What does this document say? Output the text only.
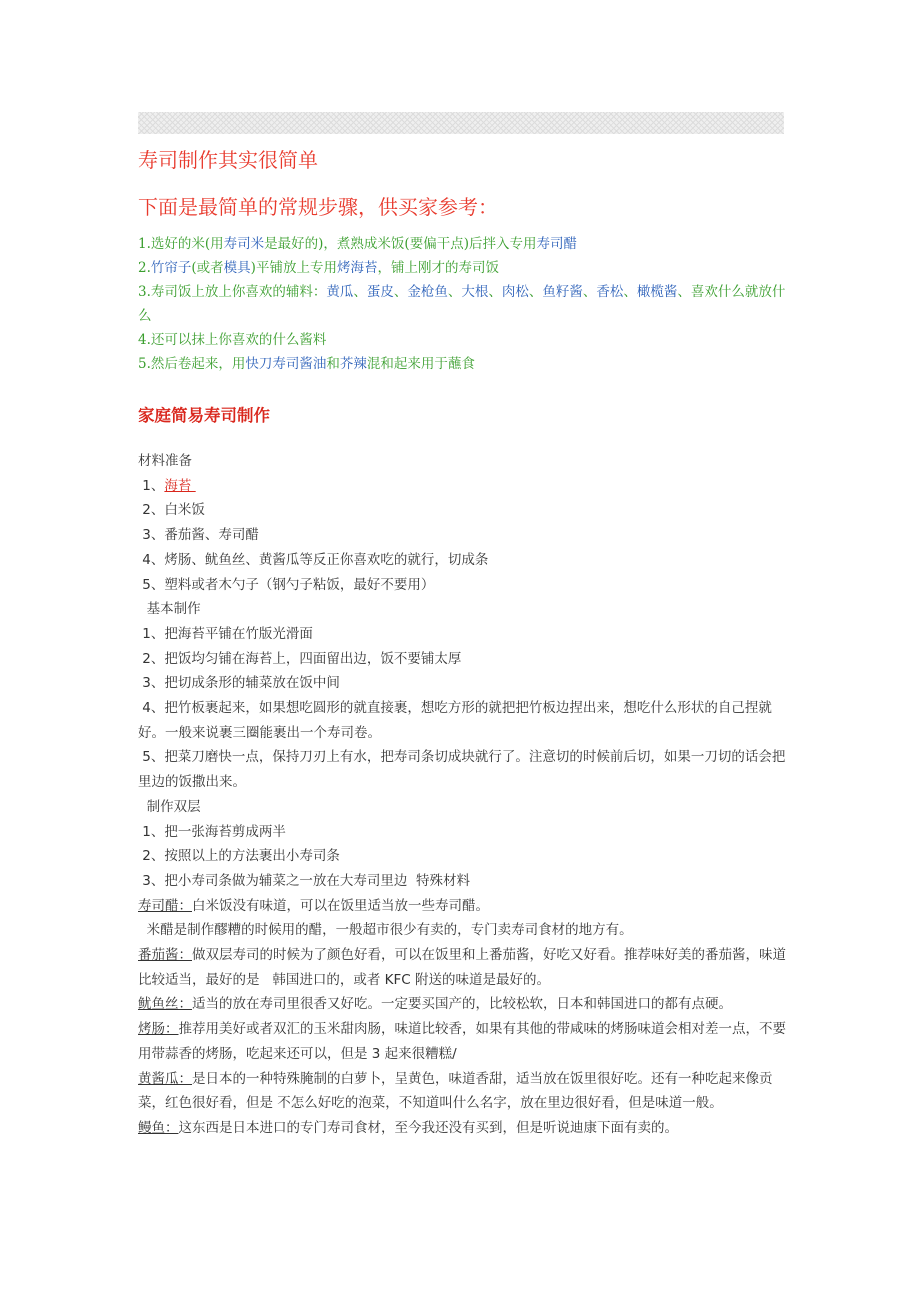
寿司制作其实很简单
下面是最简单的常规步骤，供买家参考：
1.选好的米(用寿司米是最好的)，煮熟成米饭(要偏干点)后拌入专用寿司醋
2.竹帘子(或者模具)平铺放上专用烤海苔，铺上刚才的寿司饭
3.寿司饭上放上你喜欢的辅料：黄瓜、蛋皮、金枪鱼、大根、肉松、鱼籽酱、香松、橄榄酱、喜欢什么就放什么
4.还可以抹上你喜欢的什么酱料
5.然后卷起来，用快刀寿司酱油和芥辣混和起来用于蘸食
家庭简易寿司制作
材料准备
1、海苔
2、白米饭
3、番茄酱、寿司醋
4、烤肠、鱿鱼丝、黄酱瓜等反正你喜欢吃的就行，切成条
5、塑料或者木勺子（钢勺子粘饭，最好不要用）
基本制作
1、把海苔平铺在竹版光滑面
2、把饭均匀铺在海苔上，四面留出边，饭不要铺太厚
3、把切成条形的辅菜放在饭中间
4、把竹板裹起来，如果想吃圆形的就直接裹，想吃方形的就把把竹板边捏出来，想吃什么形状的自己捏就好。一般来说裹三圈能裹出一个寿司卷。
5、把菜刀磨快一点，保持刀刃上有水，把寿司条切成块就行了。注意切的时候前后切，如果一刀切的话会把里边的饭撒出来。
制作双层
1、把一张海苔剪成两半
2、按照以上的方法裹出小寿司条
3、把小寿司条做为辅菜之一放在大寿司里边  特殊材料
寿司醋：白米饭没有味道，可以在饭里适当放一些寿司醋。
米醋是制作醪糟的时候用的醋，一般超市很少有卖的，专门卖寿司食材的地方有。
番茄酱：做双层寿司的时候为了颜色好看，可以在饭里和上番茄酱，好吃又好看。推荐味好美的番茄酱，味道比较适当，最好的是   韩国进口的，或者 KFC 附送的味道是最好的。
鱿鱼丝：适当的放在寿司里很香又好吃。一定要买国产的，比较松软，日本和韩国进口的都有点硬。
烤肠：推荐用美好或者双汇的玉米甜肉肠，味道比较香，如果有其他的带咸味的烤肠味道会相对差一点，不要用带蒜香的烤肠，吃起来还可以，但是 3 起来很糟糕/
黄酱瓜：是日本的一种特殊腌制的白萝卜，呈黄色，味道香甜，适当放在饭里很好吃。还有一种吃起来像贡菜，红色很好看，但是 不怎么好吃的泡菜，不知道叫什么名字，放在里边很好看，但是味道一般。
鳗鱼：这东西是日本进口的专门寿司食材，至今我还没有买到，但是听说迪康下面有卖的。
